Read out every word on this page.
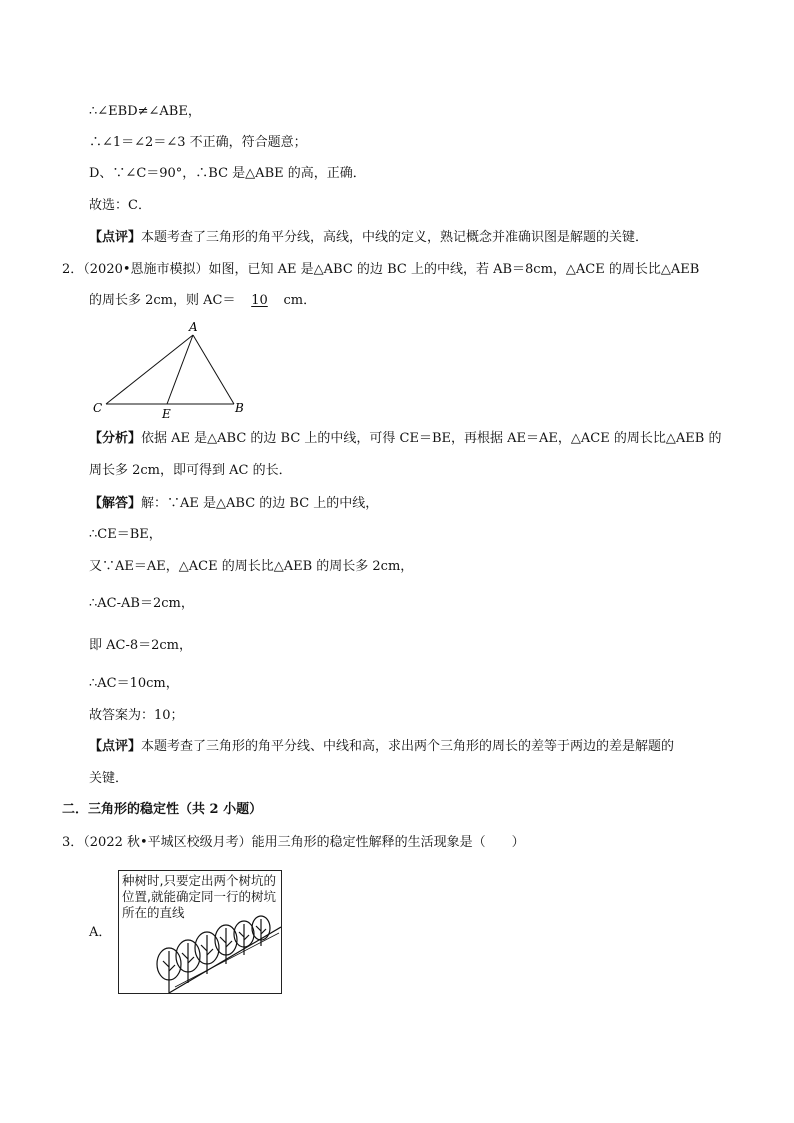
∴∠EBD≠∠ABE，
∴∠1＝∠2＝∠3 不正确，符合题意；
D、∵∠C＝90°，∴BC 是△ABE 的高，正确．
故选：C．
【点评】本题考查了三角形的角平分线，高线，中线的定义，熟记概念并准确识图是解题的关键．
2．（2020•恩施市模拟）如图，已知 AE 是△ABC 的边 BC 上的中线，若 AB＝8cm，△ACE 的周长比△AEB
的周长多 2cm，则 AC＝ 10 cm．
A
C	E	B
【分析】依据 AE 是△ABC 的边 BC 上的中线，可得 CE＝BE，再根据 AE＝AE，△ACE 的周长比△AEB 的
周长多 2cm，即可得到 AC 的长．
【解答】解：∵AE 是△ABC 的边 BC 上的中线，
∴CE＝BE，
又∵AE＝AE，△ACE 的周长比△AEB 的周长多 2cm，
∴AC-AB＝2cm，
即 AC-8＝2cm，
∴AC＝10cm，
故答案为：10；
【点评】本题考查了三角形的角平分线、中线和高，求出两个三角形的周长的差等于两边的差是解题的
关键．
二．三角形的稳定性（共 2 小题）
3．（2022 秋•平城区校级月考）能用三角形的稳定性解释的生活现象是（　　）
A．
种树时,只要定出两个树坑的位置,就能确定同一行的树坑所在的直线
